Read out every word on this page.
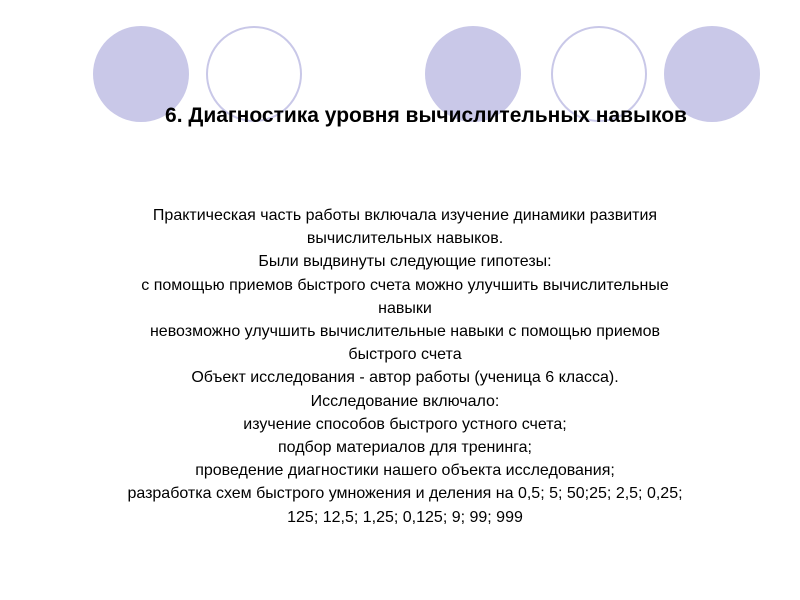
6. Диагностика уровня вычислительных навыков
Практическая часть работы включала изучение динамики развития
вычислительных навыков.
Были выдвинуты следующие гипотезы:
с помощью приемов быстрого счета можно улучшить вычислительные
навыки
невозможно улучшить вычислительные навыки с помощью приемов
быстрого счета
Объект исследования - автор работы (ученица 6 класса).
Исследование включало:
изучение способов быстрого устного счета;
подбор материалов для тренинга;
проведение диагностики нашего объекта исследования;
разработка схем быстрого умножения и деления на 0,5; 5; 50;25; 2,5; 0,25;
125; 12,5; 1,25; 0,125; 9; 99; 999
